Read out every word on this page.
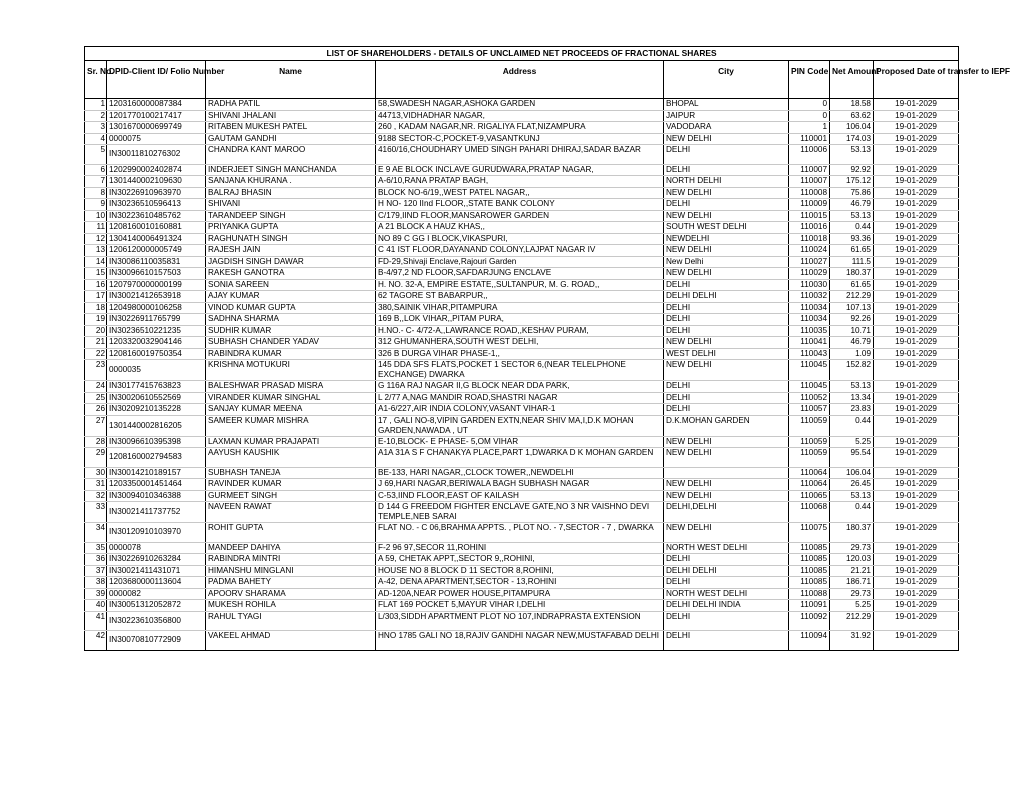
LIST OF SHAREHOLDERS - DETAILS OF UNCLAIMED NET PROCEEDS OF FRACTIONAL SHARES							
Sr. No.	DPID-Client ID/ Folio Number	Name	Address	City	PIN Code	Net Amount	Proposed Date of transfer to IEPF
1	1203160000087384	RADHA PATIL	58,SWADESH NAGAR,ASHOKA GARDEN	BHOPAL	0	18.58	19-01-2029
2	1201770100217417	SHIVANI JHALANI	44713,VIDHADHAR NAGAR,	JAIPUR	0	63.62	19-01-2029
3	1301670000699749	RITABEN MUKESH PATEL	260 , KADAM NAGAR,NR. RIGALIYA FLAT,NIZAMPURA	VADODARA	1	106.04	19-01-2029
4	0000075	GAUTAM GANDHI	9188 SECTOR-C,POCKET-9,VASANTKUNJ	NEW DELHI	110001	174.03	19-01-2029
5	IN30011810276302	CHANDRA KANT MAROO	4160/16,CHOUDHARY UMED SINGH PAHARI DHIRAJ,SADAR BAZAR	DELHI	110006	53.13	19-01-2029
6	1202990002402874	INDERJEET SINGH MANCHANDA	E 9 AE BLOCK INCLAVE GURUDWARA,PRATAP NAGAR,	DELHI	110007	92.92	19-01-2029
7	1301440002109630	SANJANA KHURANA .	A-6/10,RANA PRATAP BAGH,	NORTH DELHI	110007	175.12	19-01-2029
8	IN30226910963970	BALRAJ BHASIN	BLOCK NO-6/19,,WEST PATEL NAGAR,,	NEW DELHI	110008	75.86	19-01-2029
9	IN30236510596413	SHIVANI	H NO- 120 IInd FLOOR,,STATE BANK COLONY	DELHI	110009	46.79	19-01-2029
10	IN30223610485762	TARANDEEP SINGH	C/179,IIND FLOOR,MANSAROWER GARDEN	NEW DELHI	110015	53.13	19-01-2029
11	1208160010160881	PRIYANKA GUPTA	A 21 BLOCK A HAUZ KHAS,,	SOUTH WEST DELHI	110016	0.44	19-01-2029
12	1304140006491324	RAGHUNATH SINGH	NO 89 C GG I BLOCK,VIKASPURI,	NEWDELHI	110018	93.36	19-01-2029
13	1206120000005749	RAJESH JAIN	C 41 IST FLOOR,DAYANAND COLONY,LAJPAT NAGAR IV	NEW DELHI	110024	61.65	19-01-2029
14	IN30086110035831	JAGDISH SINGH DAWAR	FD-29,Shivaji Enclave,Rajouri Garden	New Delhi	110027	111.5	19-01-2029
15	IN30096610157503	RAKESH GANOTRA	B-4/97,2 ND FLOOR,SAFDARJUNG ENCLAVE	NEW DELHI	110029	180.37	19-01-2029
16	1207970000000199	SONIA SAREEN	H. NO. 32-A, EMPIRE ESTATE,,SULTANPUR, M. G. ROAD,,	DELHI	110030	61.65	19-01-2029
17	IN30021412653918	AJAY KUMAR	62 TAGORE ST BABARPUR,,	DELHI DELHI	110032	212.29	19-01-2029
18	1204980000106258	VINOD KUMAR GUPTA	380,SAINIK VIHAR,PITAMPURA	DELHI	110034	107.13	19-01-2029
19	IN30226911765799	SADHNA SHARMA	169 B,,LOK VIHAR,,PITAM PURA,	DELHI	110034	92.26	19-01-2029
20	IN30236510221235	SUDHIR KUMAR	H.NO.- C- 4/72-A,,LAWRANCE ROAD,,KESHAV PURAM,	DELHI	110035	10.71	19-01-2029
21	1203320032904146	SUBHASH CHANDER YADAV	312 GHUMANHERA,SOUTH WEST DELHI,	NEW DELHI	110041	46.79	19-01-2029
22	1208160019750354	RABINDRA KUMAR	326 B DURGA VIHAR PHASE-1,,	WEST DELHI	110043	1.09	19-01-2029
23	0000035	KRISHNA MOTUKURI	145 DDA SFS FLATS,POCKET 1 SECTOR 6,(NEAR TELELPHONE EXCHANGE) DWARKA	NEW DELHI	110045	152.82	19-01-2029
24	IN30177415763823	BALESHWAR PRASAD MISRA	G 116A RAJ NAGAR II,G BLOCK NEAR DDA PARK,	DELHI	110045	53.13	19-01-2029
25	IN30020610552569	VIRANDER KUMAR SINGHAL	L 2/77 A,NAG MANDIR ROAD,SHASTRI NAGAR	DELHI	110052	13.34	19-01-2029
26	IN30209210135228	SANJAY KUMAR MEENA	A1-6/227,AIR INDIA COLONY,VASANT VIHAR-1	DELHI	110057	23.83	19-01-2029
27	1301440002816205	SAMEER KUMAR MISHRA	17 , GALI NO-8,VIPIN GARDEN EXTN,NEAR SHIV MA,I,D.K MOHAN GARDEN,NAWADA , UT	D.K.MOHAN GARDEN	110059	0.44	19-01-2029
28	IN30096610395398	LAXMAN KUMAR PRAJAPATI	E-10,BLOCK- E PHASE- 5,OM VIHAR	NEW DELHI	110059	5.25	19-01-2029
29	1208160002794583	AAYUSH KAUSHIK	A1A 31A S F CHANAKYA PLACE,PART 1,DWARKA D K MOHAN GARDEN	NEW DELHI	110059	95.54	19-01-2029
30	IN30014210189157	SUBHASH TANEJA	BE-133, HARI NAGAR,,CLOCK TOWER,,NEWDELHI		110064	106.04	19-01-2029
31	1203350001451464	RAVINDER KUMAR	J 69,HARI NAGAR,BERIWALA BAGH SUBHASH NAGAR	NEW DELHI	110064	26.45	19-01-2029
32	IN30094010346388	GURMEET SINGH	C-53,IIND FLOOR,EAST OF KAILASH	NEW DELHI	110065	53.13	19-01-2029
33	IN30021411737752	NAVEEN RAWAT	D 144 G FREEDOM FIGHTER ENCLAVE GATE,NO 3 NR VAISHNO DEVI TEMPLE,NEB SARAI	DELHI,DELHI	110068	0.44	19-01-2029
34	IN30120910103970	ROHIT GUPTA	FLAT NO. - C 06,BRAHMA APPTS. , PLOT NO. - 7,SECTOR - 7 , DWARKA	NEW DELHI	110075	180.37	19-01-2029
35	0000078	MANDEEP DAHIYA	F-2 96 97,SECOR 11,ROHINI	NORTH WEST DELHI	110085	29.73	19-01-2029
36	IN30226910263284	RABINDRA MINTRI	A 59, CHETAK APPT,,SECTOR 9,,ROHINI,	DELHI	110085	120.03	19-01-2029
37	IN30021411431071	HIMANSHU MINGLANI	HOUSE NO 8 BLOCK D 11 SECTOR 8,ROHINI,	DELHI DELHI	110085	21.21	19-01-2029
38	1203680000113604	PADMA BAHETY	A-42, DENA APARTMENT,SECTOR - 13,ROHINI	DELHI	110085	186.71	19-01-2029
39	0000082	APOORV SHARAMA	AD-120A,NEAR POWER HOUSE,PITAMPURA	NORTH WEST DELHI	110088	29.73	19-01-2029
40	IN30051312052872	MUKESH ROHILA	FLAT 169 POCKET 5,MAYUR VIHAR I,DELHI	DELHI DELHI INDIA	110091	5.25	19-01-2029
41	IN30223610356800	RAHUL TYAGI	L/303,SIDDH APARTMENT PLOT NO 107,INDRAPRASTA EXTENSION	DELHI	110092	212.29	19-01-2029
42	IN30070810772909	VAKEEL AHMAD	HNO 1785 GALI NO 18,RAJIV GANDHI NAGAR NEW,MUSTAFABAD DELHI	DELHI	110094	31.92	19-01-2029
